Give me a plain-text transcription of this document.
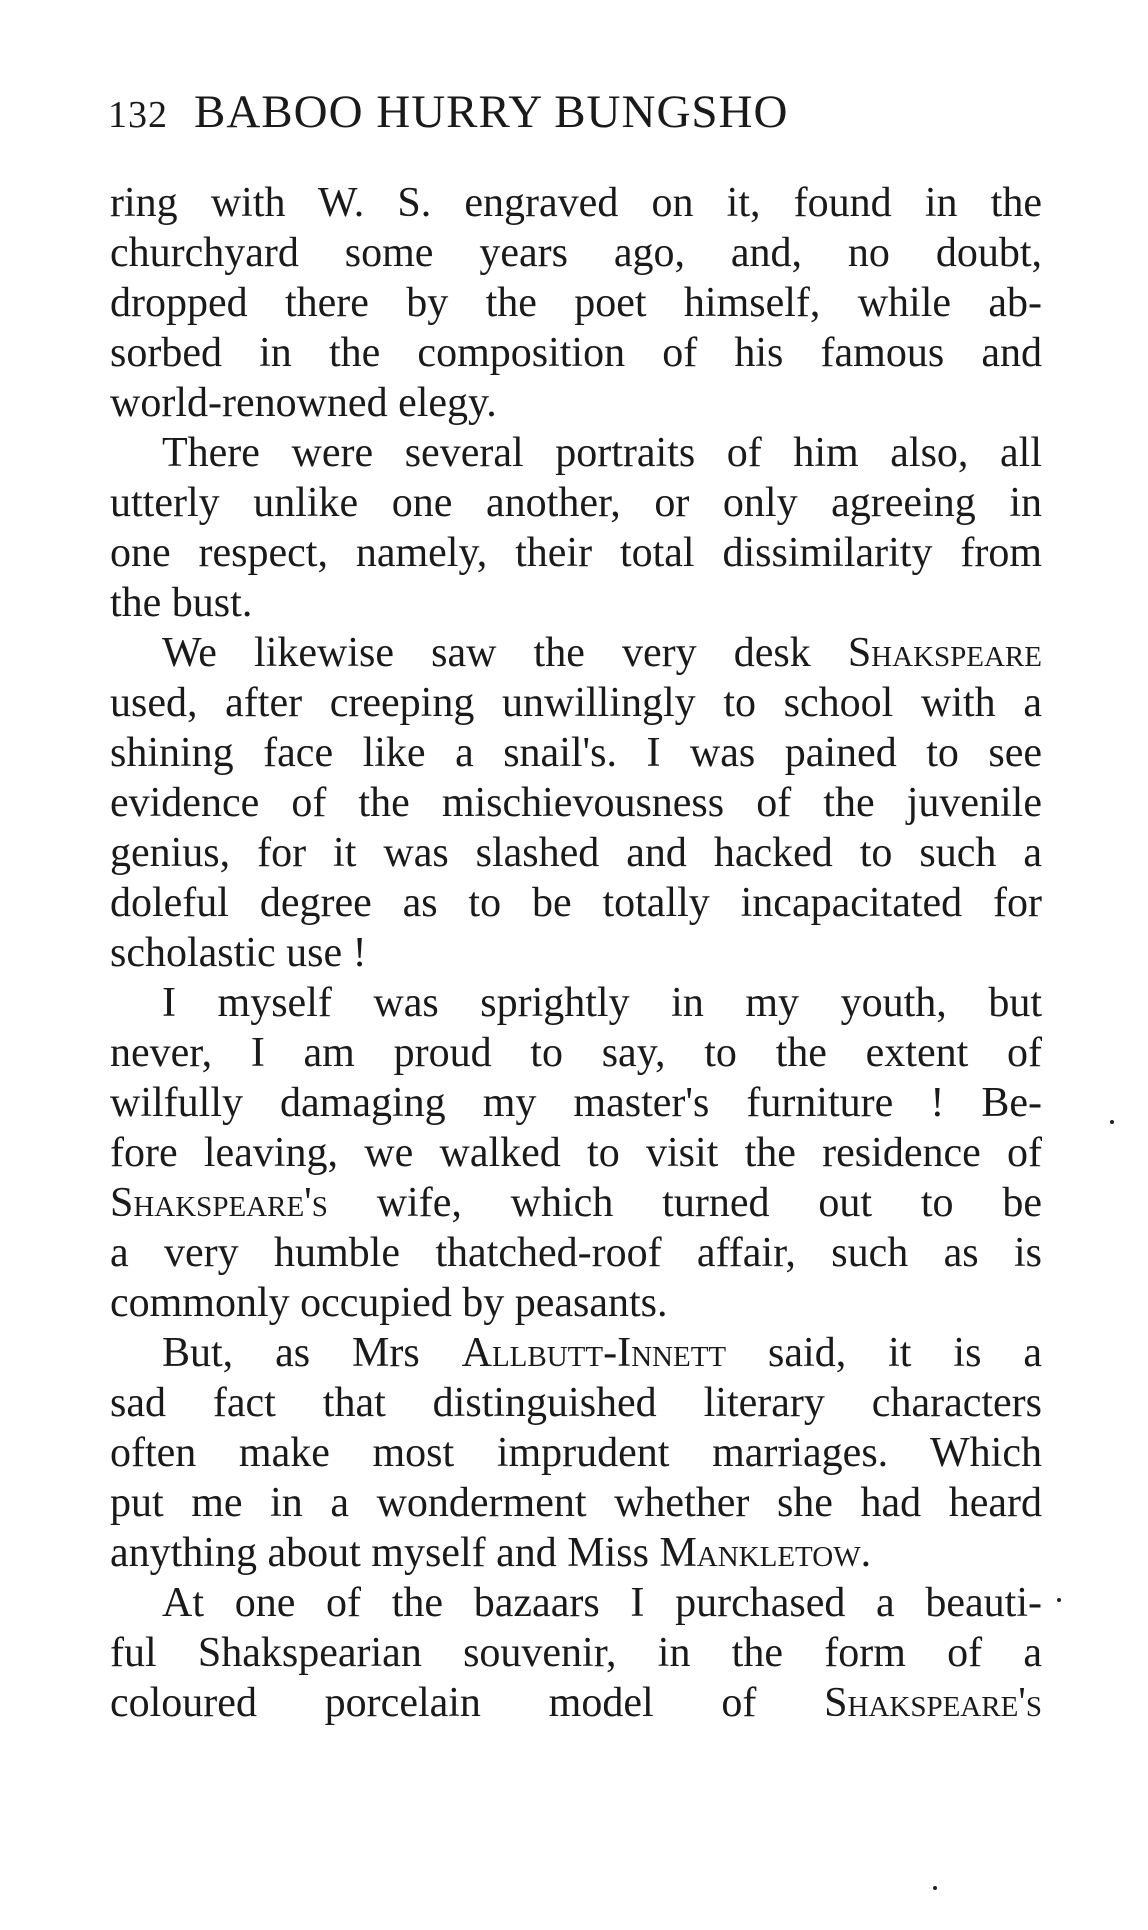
132 BABOO HURRY BUNGSHO
ring with W. S. engraved on it, found in the
churchyard some years ago, and, no doubt,
dropped there by the poet himself, while ab-
sorbed in the composition of his famous and
world-renowned elegy.
There were several portraits of him also, all
utterly unlike one another, or only agreeing in
one respect, namely, their total dissimilarity from
the bust.
We likewise saw the very desk Shakspeare
used, after creeping unwillingly to school with a
shining face like a snail's. I was pained to see
evidence of the mischievousness of the juvenile
genius, for it was slashed and hacked to such a
doleful degree as to be totally incapacitated for
scholastic use !
I myself was sprightly in my youth, but
never, I am proud to say, to the extent of
wilfully damaging my master's furniture ! Be-
fore leaving, we walked to visit the residence of
Shakspeare's wife, which turned out to be
a very humble thatched-roof affair, such as is
commonly occupied by peasants.
But, as Mrs Allbutt-Innett said, it is a
sad fact that distinguished literary characters
often make most imprudent marriages. Which
put me in a wonderment whether she had heard
anything about myself and Miss Mankletow.
At one of the bazaars I purchased a beauti-
ful Shakspearian souvenir, in the form of a
coloured porcelain model of Shakspeare's
